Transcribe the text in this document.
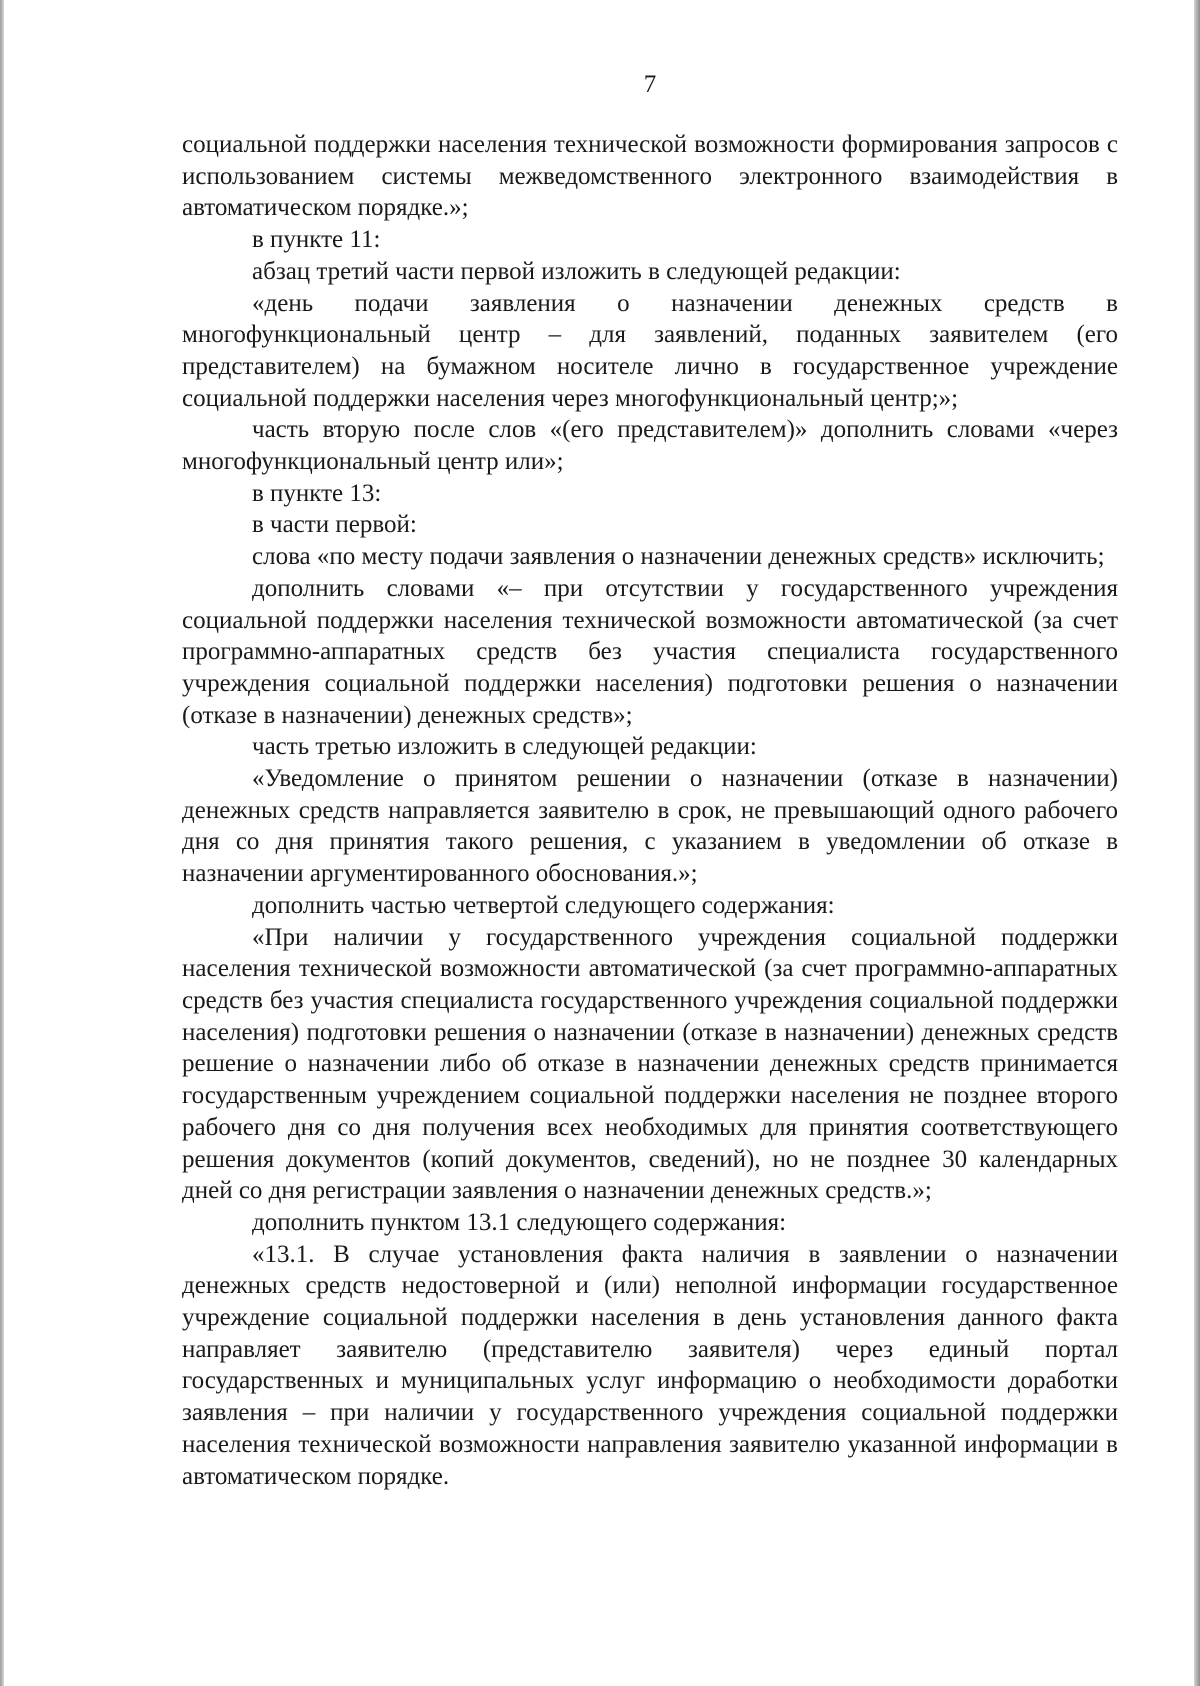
7

социальной поддержки населения технической возможности формирования запросов с использованием системы межведомственного электронного взаимодействия в автоматическом порядке.»;

в пункте 11:

абзац третий части первой изложить в следующей редакции:

«день подачи заявления о назначении денежных средств в многофункциональный центр – для заявлений, поданных заявителем (его представителем) на бумажном носителе лично в государственное учреждение социальной поддержки населения через многофункциональный центр;»;

часть вторую после слов «(его представителем)» дополнить словами «через многофункциональный центр или»;

в пункте 13:

в части первой:

слова «по месту подачи заявления о назначении денежных средств» исключить;

дополнить словами «– при отсутствии у государственного учреждения социальной поддержки населения технической возможности автоматической (за счет программно-аппаратных средств без участия специалиста государственного учреждения социальной поддержки населения) подготовки решения о назначении (отказе в назначении) денежных средств»;

часть третью изложить в следующей редакции:

«Уведомление о принятом решении о назначении (отказе в назначении) денежных средств направляется заявителю в срок, не превышающий одного рабочего дня со дня принятия такого решения, с указанием в уведомлении об отказе в назначении аргументированного обоснования.»;

дополнить частью четвертой следующего содержания:

«При наличии у государственного учреждения социальной поддержки населения технической возможности автоматической (за счет программно-аппаратных средств без участия специалиста государственного учреждения социальной поддержки населения) подготовки решения о назначении (отказе в назначении) денежных средств решение о назначении либо об отказе в назначении денежных средств принимается государственным учреждением социальной поддержки населения не позднее второго рабочего дня со дня получения всех необходимых для принятия соответствующего решения документов (копий документов, сведений), но не позднее 30 календарных дней со дня регистрации заявления о назначении денежных средств.»;

дополнить пунктом 13.1 следующего содержания:

«13.1. В случае установления факта наличия в заявлении о назначении денежных средств недостоверной и (или) неполной информации государственное учреждение социальной поддержки населения в день установления данного факта направляет заявителю (представителю заявителя) через единый портал государственных и муниципальных услуг информацию о необходимости доработки заявления – при наличии у государственного учреждения социальной поддержки населения технической возможности направления заявителю указанной информации в автоматическом порядке.
